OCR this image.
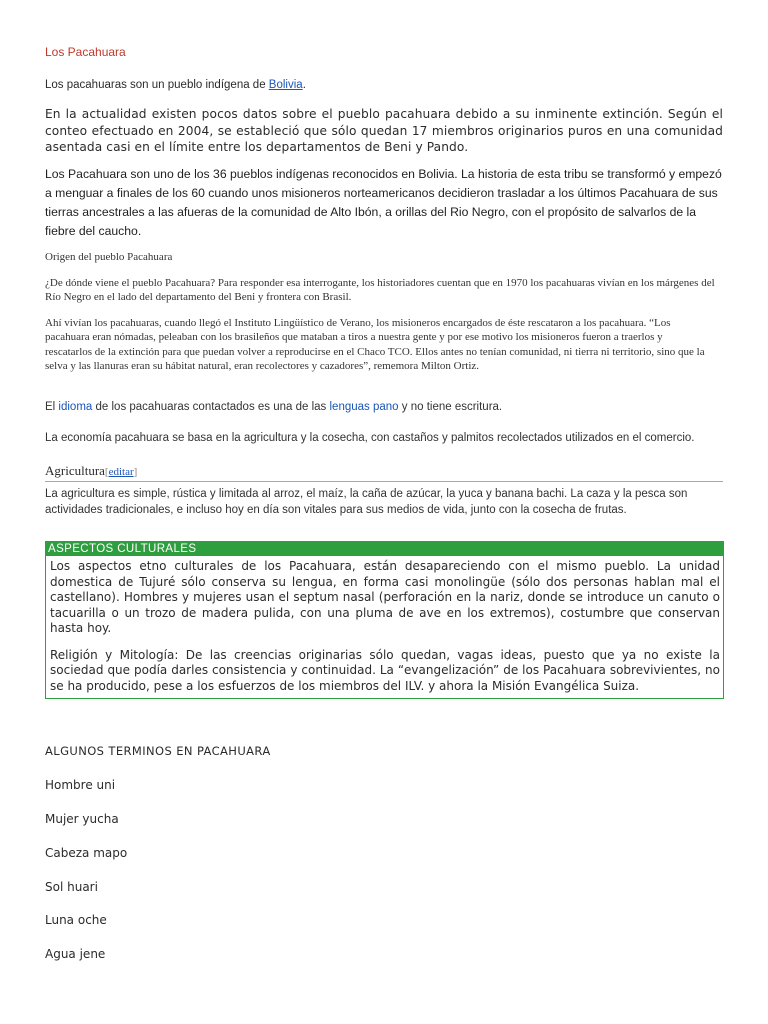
Los Pacahuara

Los pacahuaras son un pueblo indígena de Bolivia.

En la actualidad existen pocos datos sobre el pueblo pacahuara debido a su inminente extinción. Según el conteo efectuado en 2004, se estableció que sólo quedan 17 miembros originarios puros en una comunidad asentada casi en el límite entre los departamentos de Beni y Pando.

Los Pacahuara son uno de los 36 pueblos indígenas reconocidos en Bolivia. La historia de esta tribu se transformó y empezó a menguar a finales de los 60 cuando unos misioneros norteamericanos decidieron trasladar a los últimos Pacahuara de sus tierras ancestrales a las afueras de la comunidad de Alto Ibón, a orillas del Rio Negro, con el propósito de salvarlos de la fiebre del caucho.

Origen del pueblo Pacahuara

¿De dónde viene el pueblo Pacahuara? Para responder esa interrogante, los historiadores cuentan que en 1970 los pacahuaras vivían en los márgenes del Río Negro en el lado del departamento del Beni y frontera con Brasil.

Ahí vivían los pacahuaras, cuando llegó el Instituto Lingüístico de Verano, los misioneros encargados de éste rescataron a los pacahuara. “Los pacahuara eran nómadas, peleaban con los brasileños que mataban a tiros a nuestra gente y por ese motivo los misioneros fueron a traerlos y rescatarlos de la extinción para que puedan volver a reproducirse en el Chaco TCO. Ellos antes no tenían comunidad, ni tierra ni territorio, sino que la selva y las llanuras eran su hábitat natural, eran recolectores y cazadores”, rememora Milton Ortiz.

El idioma de los pacahuaras contactados es una de las lenguas pano y no tiene escritura.

La economía pacahuara se basa en la agricultura y la cosecha, con castaños y palmitos recolectados utilizados en el comercio.

Agricultura[editar]

La agricultura es simple, rústica y limitada al arroz, el maíz, la caña de azúcar, la yuca y banana bachi. La caza y la pesca son actividades tradicionales, e incluso hoy en día son vitales para sus medios de vida, junto con la cosecha de frutas.

ASPECTOS CULTURALES

Los aspectos etno culturales de los Pacahuara, están desapareciendo con el mismo pueblo. La unidad domestica de Tujuré sólo conserva su lengua, en forma casi monolingüe (sólo dos personas hablan mal el castellano). Hombres y mujeres usan el septum nasal (perforación en la nariz, donde se introduce un canuto o tacuarilla o un trozo de madera pulida, con una pluma de ave en los extremos), costumbre que conservan hasta hoy.

Religión y Mitología: De las creencias originarias sólo quedan, vagas ideas, puesto que ya no existe la sociedad que podía darles consistencia y continuidad. La “evangelización” de los Pacahuara sobrevivientes, no se ha producido, pese a los esfuerzos de los miembros del ILV. y ahora la Misión Evangélica Suiza.

ALGUNOS TERMINOS EN PACAHUARA

Hombre uni

Mujer yucha

Cabeza mapo

Sol huari

Luna oche

Agua jene
